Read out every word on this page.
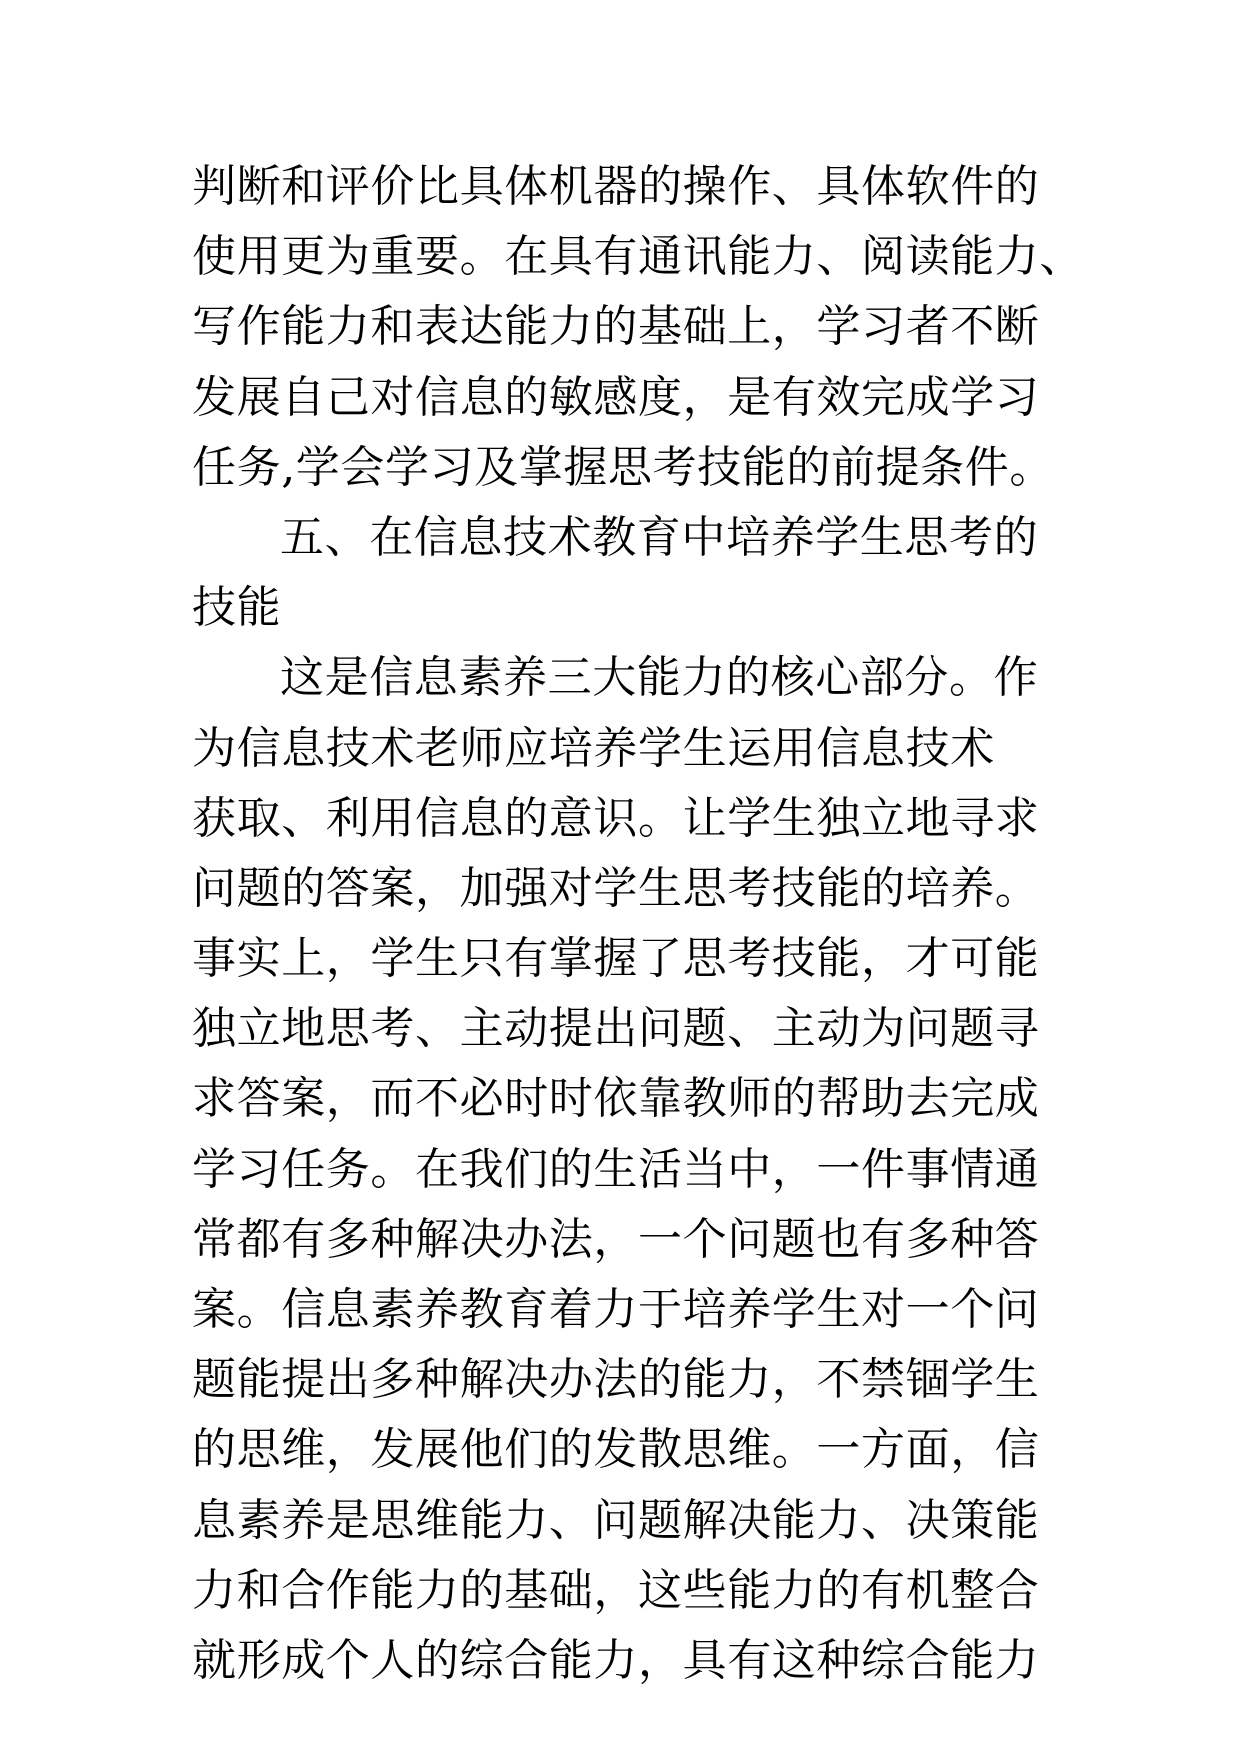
判断和评价比具体机器的操作、具体软件的
使用更为重要。在具有通讯能力、阅读能力、
写作能力和表达能力的基础上，学习者不断
发展自己对信息的敏感度，是有效完成学习
任务,学会学习及掌握思考技能的前提条件。
五、在信息技术教育中培养学生思考的
技能
这是信息素养三大能力的核心部分。作
为信息技术老师应培养学生运用信息技术
获取、利用信息的意识。让学生独立地寻求
问题的答案，加强对学生思考技能的培养。
事实上，学生只有掌握了思考技能，才可能
独立地思考、主动提出问题、主动为问题寻
求答案，而不必时时依靠教师的帮助去完成
学习任务。在我们的生活当中，一件事情通
常都有多种解决办法，一个问题也有多种答
案。信息素养教育着力于培养学生对一个问
题能提出多种解决办法的能力，不禁锢学生
的思维，发展他们的发散思维。一方面，信
息素养是思维能力、问题解决能力、决策能
力和合作能力的基础，这些能力的有机整合
就形成个人的综合能力，具有这种综合能力
